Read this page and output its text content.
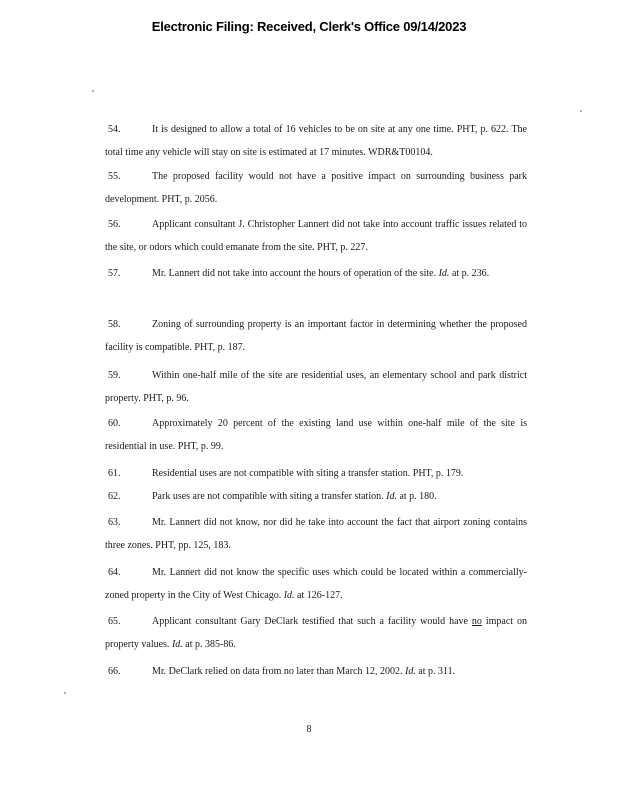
Electronic Filing: Received, Clerk's Office 09/14/2023
54.	It is designed to allow a total of 16 vehicles to be on site at any one time. PHT, p. 622. The total time any vehicle will stay on site is estimated at 17 minutes. WDR&T00104.
55.	The proposed facility would not have a positive impact on surrounding business park development. PHT, p. 2056.
56.	Applicant consultant J. Christopher Lannert did not take into account traffic issues related to the site, or odors which could emanate from the site. PHT, p. 227.
57.	Mr. Lannert did not take into account the hours of operation of the site. Id. at p. 236.
58.	Zoning of surrounding property is an important factor in determining whether the proposed facility is compatible. PHT, p. 187.
59.	Within one-half mile of the site are residential uses, an elementary school and park district property. PHT, p. 96.
60.	Approximately 20 percent of the existing land use within one-half mile of the site is residential in use. PHT, p. 99.
61.	Residential uses are not compatible with siting a transfer station. PHT, p. 179.
62.	Park uses are not compatible with siting a transfer station. Id. at p. 180.
63.	Mr. Lannert did not know, nor did he take into account the fact that airport zoning contains three zones. PHT, pp. 125, 183.
64.	Mr. Lannert did not know the specific uses which could be located within a commercially-zoned property in the City of West Chicago. Id. at 126-127.
65.	Applicant consultant Gary DeClark testified that such a facility would have no impact on property values. Id. at p. 385-86.
66.	Mr. DeClark relied on data from no later than March 12, 2002. Id. at p. 311.
8
